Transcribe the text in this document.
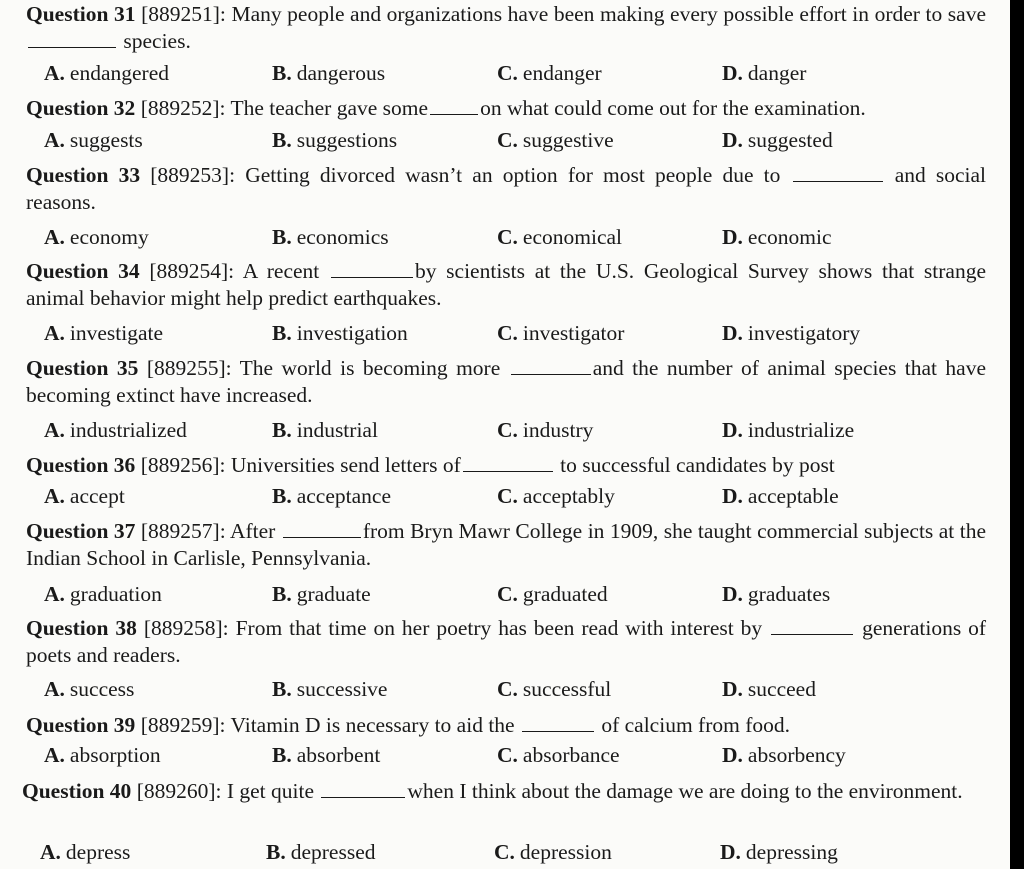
Question 31 [889251]: Many people and organizations have been making every possible effort in order to save  species.
A. endangered	B. dangerous	C. endanger	D. danger
Question 32 [889252]: The teacher gave some on what could come out for the examination.
A. suggests	B. suggestions	C. suggestive	D. suggested
Question 33 [889253]: Getting divorced wasn’t an option for most people due to	and social reasons.
A. economy	B. economics	C. economical	D. economic
Question 34 [889254]: A recent	by scientists at the U.S. Geological Survey shows that strange animal behavior might help predict earthquakes.
A. investigate	B. investigation	C. investigator	D. investigatory
Question 35 [889255]: The world is becoming more	and the number of animal species that have becoming extinct have increased.
A. industrialized	B. industrial	C. industry	D. industrialize
Question 36 [889256]: Universities send letters of	to successful candidates by post
A. accept	B. acceptance	C. acceptably	D. acceptable
Question 37 [889257]: After	from Bryn Mawr College in 1909, she taught commercial subjects at the Indian School in Carlisle, Pennsylvania.
A. graduation	B. graduate	C. graduated	D. graduates
Question 38 [889258]: From that time on her poetry has been read with interest by	generations of poets and readers.
A. success	B. successive	C. successful	D. succeed
Question 39 [889259]: Vitamin D is necessary to aid the	of calcium from food.
A. absorption	B. absorbent	C. absorbance	D. absorbency
Question 40 [889260]: I get quite	when I think about the damage we are doing to the environment.
A. depress	B. depressed	C. depression	D. depressing
